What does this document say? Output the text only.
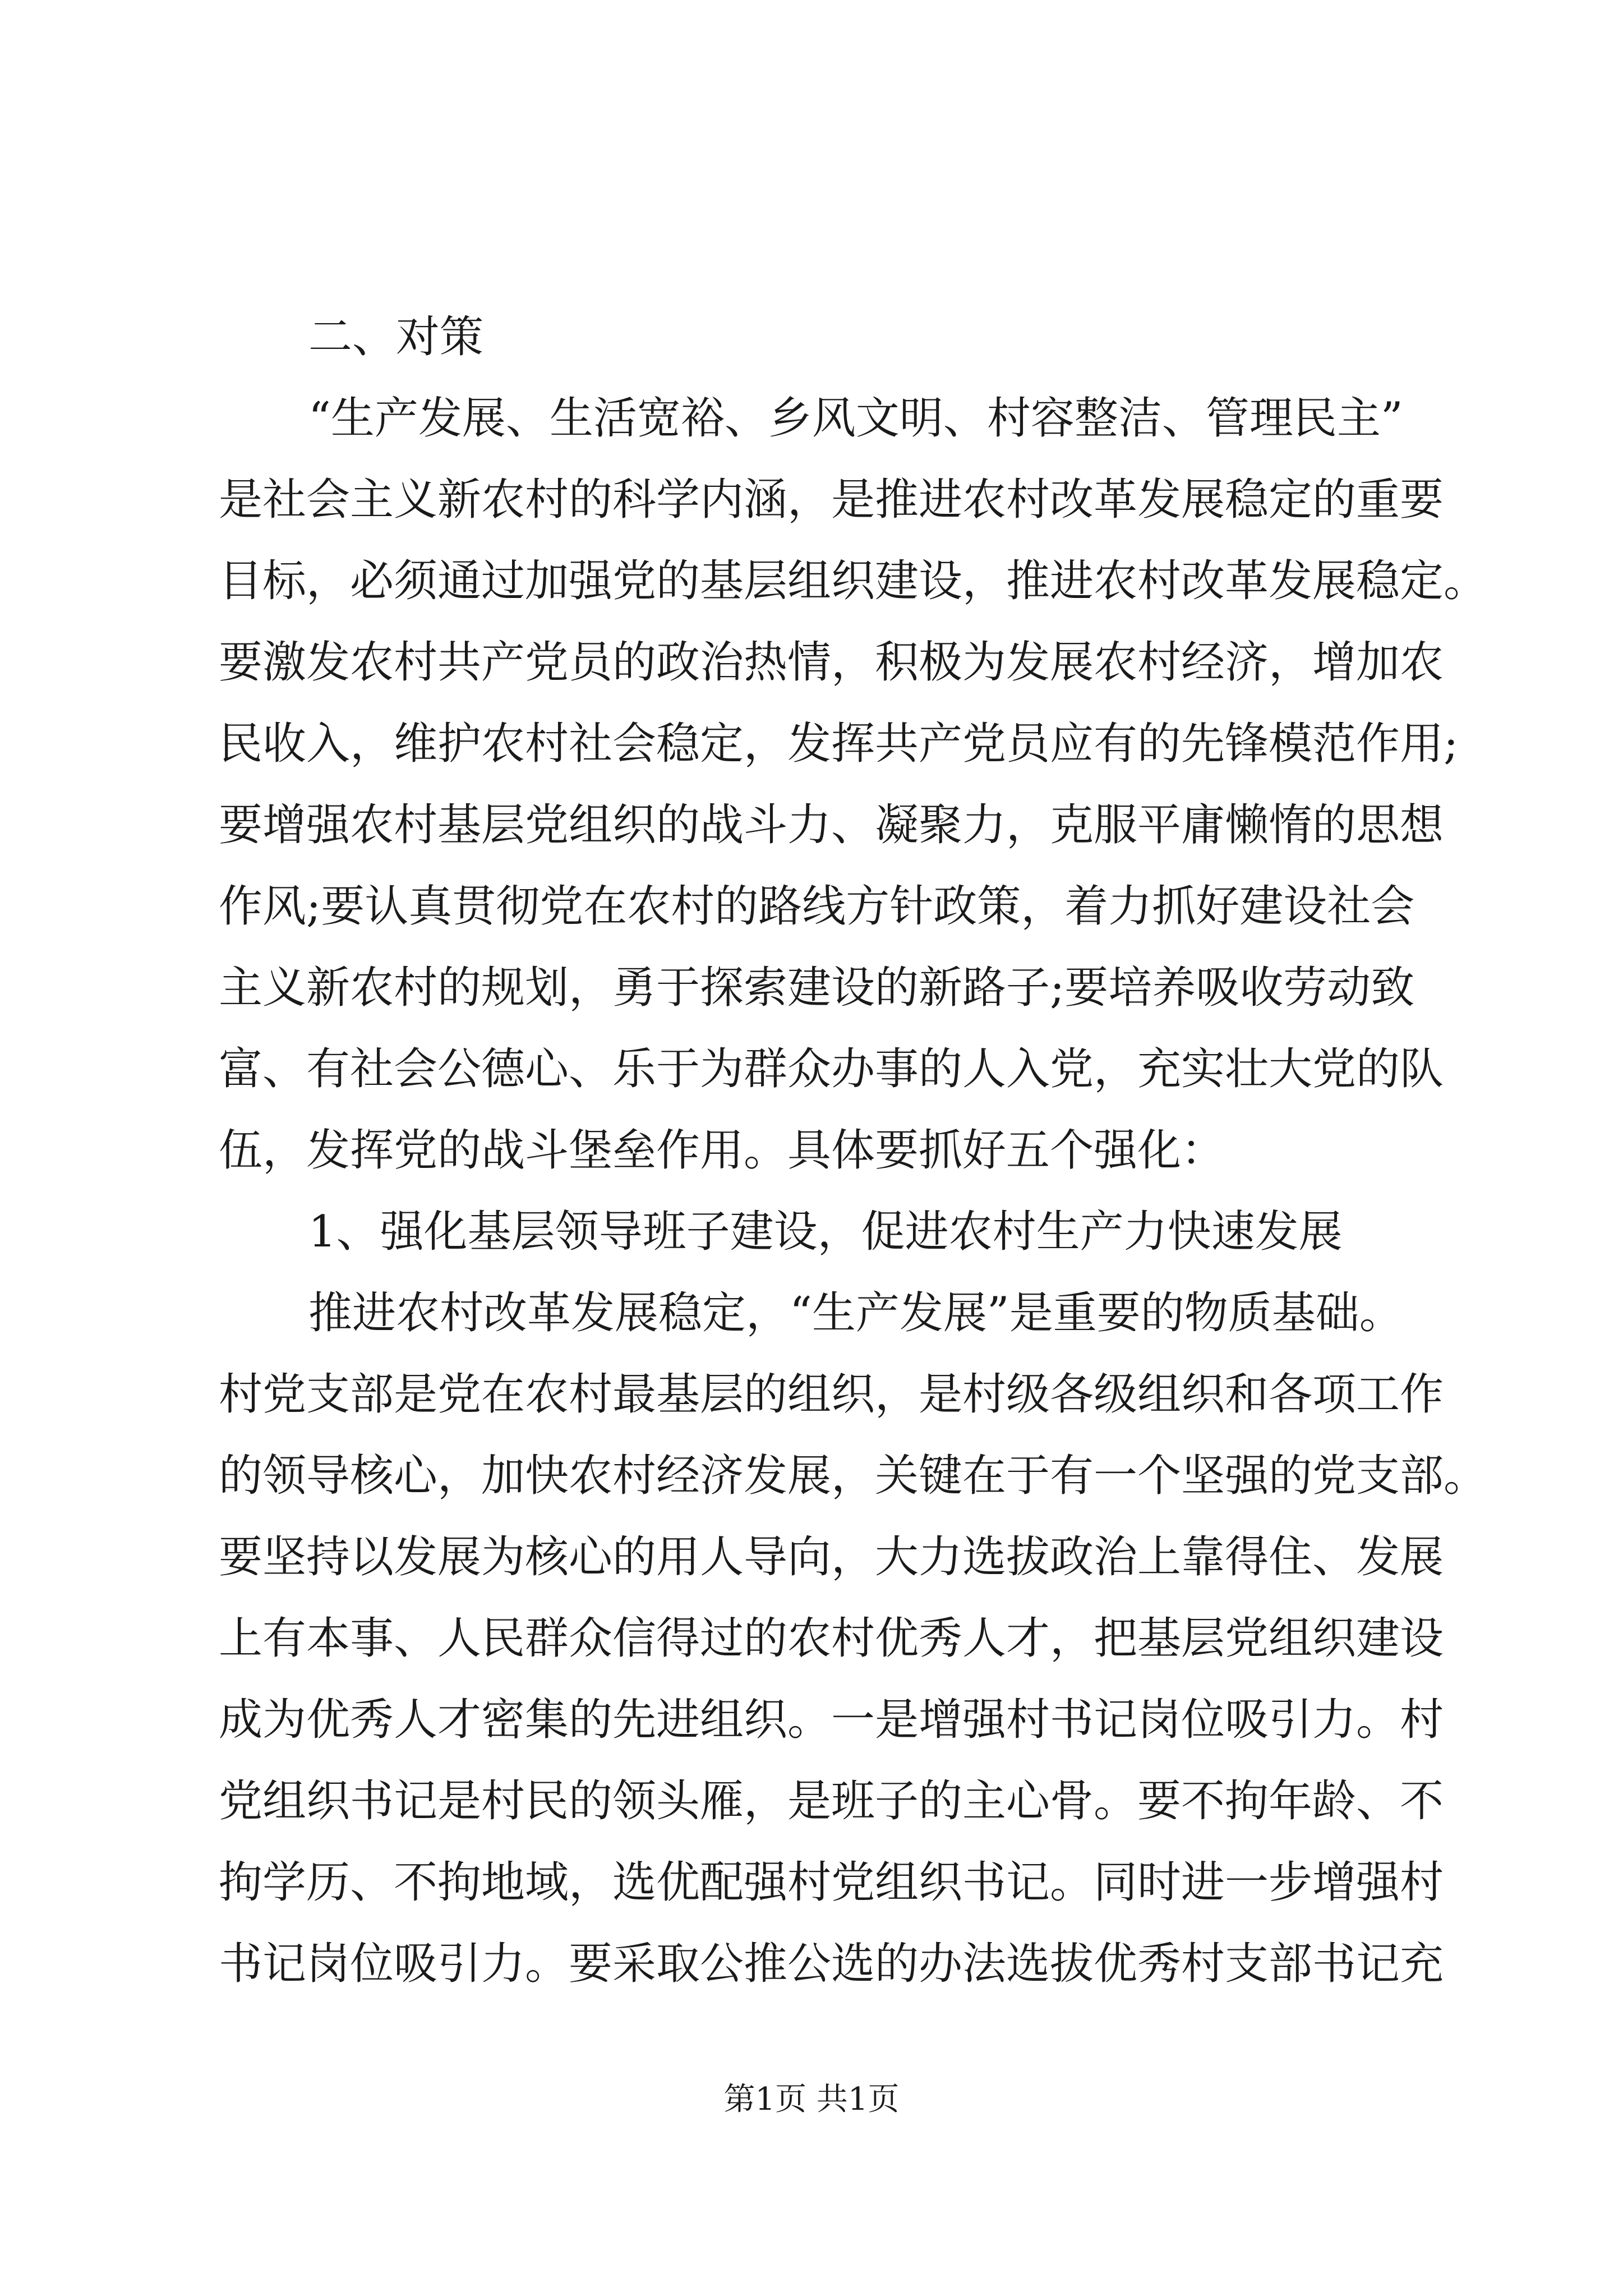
二、对策
“生产发展、生活宽裕、乡风文明、村容整洁、管理民主”
是社会主义新农村的科学内涵，是推进农村改革发展稳定的重要
目标，必须通过加强党的基层组织建设，推进农村改革发展稳定。
要激发农村共产党员的政治热情，积极为发展农村经济，增加农
民收入，维护农村社会稳定，发挥共产党员应有的先锋模范作用;
要增强农村基层党组织的战斗力、凝聚力，克服平庸懒惰的思想
作风;要认真贯彻党在农村的路线方针政策，着力抓好建设社会
主义新农村的规划，勇于探索建设的新路子;要培养吸收劳动致
富、有社会公德心、乐于为群众办事的人入党，充实壮大党的队
伍，发挥党的战斗堡垒作用。具体要抓好五个强化：
1、强化基层领导班子建设，促进农村生产力快速发展
推进农村改革发展稳定，“生产发展”是重要的物质基础。
村党支部是党在农村最基层的组织，是村级各级组织和各项工作
的领导核心，加快农村经济发展，关键在于有一个坚强的党支部。
要坚持以发展为核心的用人导向，大力选拔政治上靠得住、发展
上有本事、人民群众信得过的农村优秀人才，把基层党组织建设
成为优秀人才密集的先进组织。一是增强村书记岗位吸引力。村
党组织书记是村民的领头雁，是班子的主心骨。要不拘年龄、不
拘学历、不拘地域，选优配强村党组织书记。同时进一步增强村
书记岗位吸引力。要采取公推公选的办法选拔优秀村支部书记充
第1页 共1页
